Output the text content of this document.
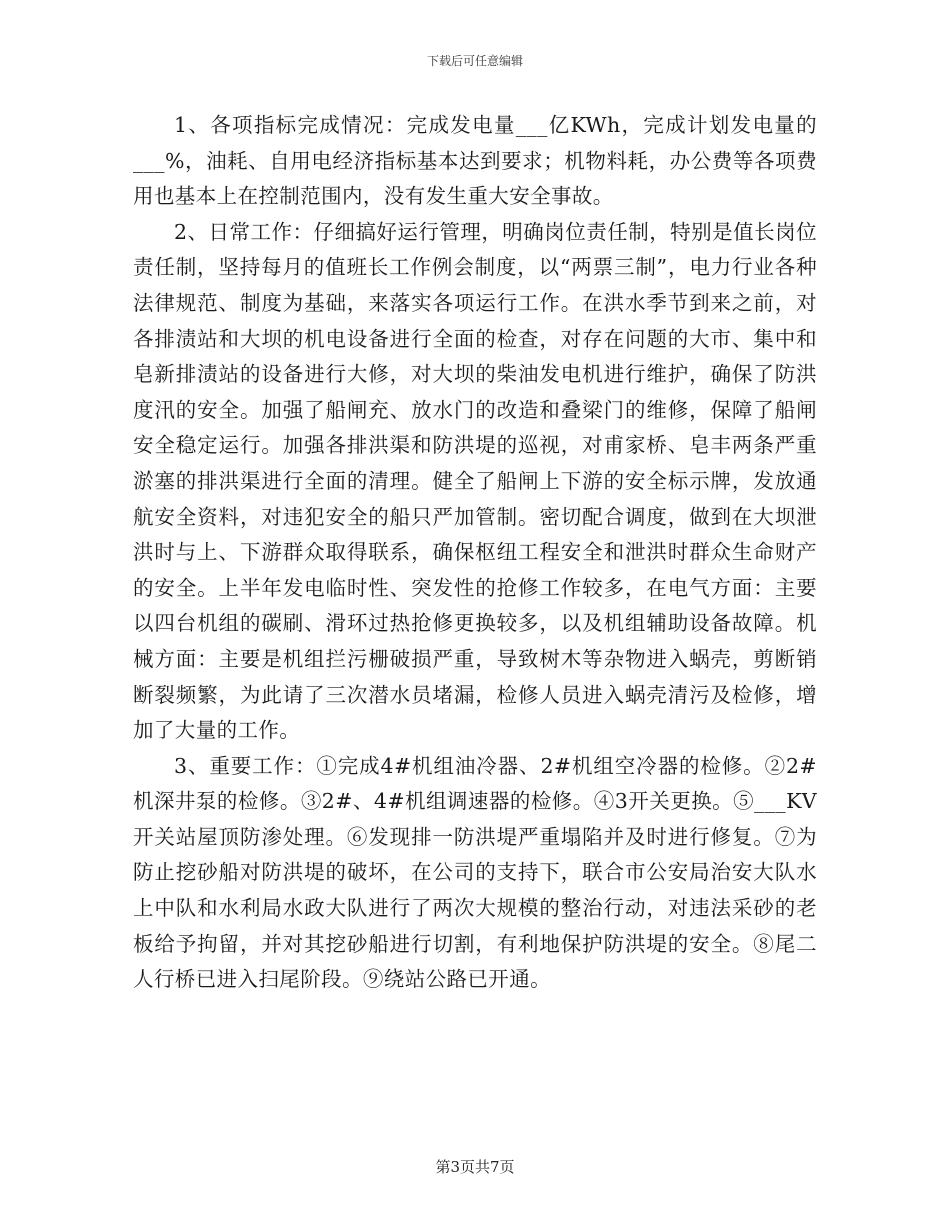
下载后可任意编辑

1、各项指标完成情况：完成发电量___亿KWh，完成计划发电量的___%，油耗、自用电经济指标基本达到要求；机物料耗，办公费等各项费用也基本上在控制范围内，没有发生重大安全事故。

2、日常工作：仔细搞好运行管理，明确岗位责任制，特别是值长岗位责任制，坚持每月的值班长工作例会制度，以“两票三制”，电力行业各种法律规范、制度为基础，来落实各项运行工作。在洪水季节到来之前，对各排渍站和大坝的机电设备进行全面的检查，对存在问题的大市、集中和皂新排渍站的设备进行大修，对大坝的柴油发电机进行维护，确保了防洪度汛的安全。加强了船闸充、放水门的改造和叠梁门的维修，保障了船闸安全稳定运行。加强各排洪渠和防洪堤的巡视，对甫家桥、皂丰两条严重淤塞的排洪渠进行全面的清理。健全了船闸上下游的安全标示牌，发放通航安全资料，对违犯安全的船只严加管制。密切配合调度，做到在大坝泄洪时与上、下游群众取得联系，确保枢纽工程安全和泄洪时群众生命财产的安全。上半年发电临时性、突发性的抢修工作较多，在电气方面：主要以四台机组的碳刷、滑环过热抢修更换较多，以及机组辅助设备故障。机械方面：主要是机组拦污栅破损严重，导致树木等杂物进入蜗壳，剪断销断裂频繁，为此请了三次潜水员堵漏，检修人员进入蜗壳清污及检修，增加了大量的工作。

3、重要工作：①完成4#机组油冷器、2#机组空冷器的检修。②2#机深井泵的检修。③2#、4#机组调速器的检修。④3开关更换。⑤___KV开关站屋顶防渗处理。⑥发现排一防洪堤严重塌陷并及时进行修复。⑦为防止挖砂船对防洪堤的破坏，在公司的支持下，联合市公安局治安大队水上中队和水利局水政大队进行了两次大规模的整治行动，对违法采砂的老板给予拘留，并对其挖砂船进行切割，有利地保护防洪堤的安全。⑧尾二人行桥已进入扫尾阶段。⑨绕站公路已开通。

第3页共7页
